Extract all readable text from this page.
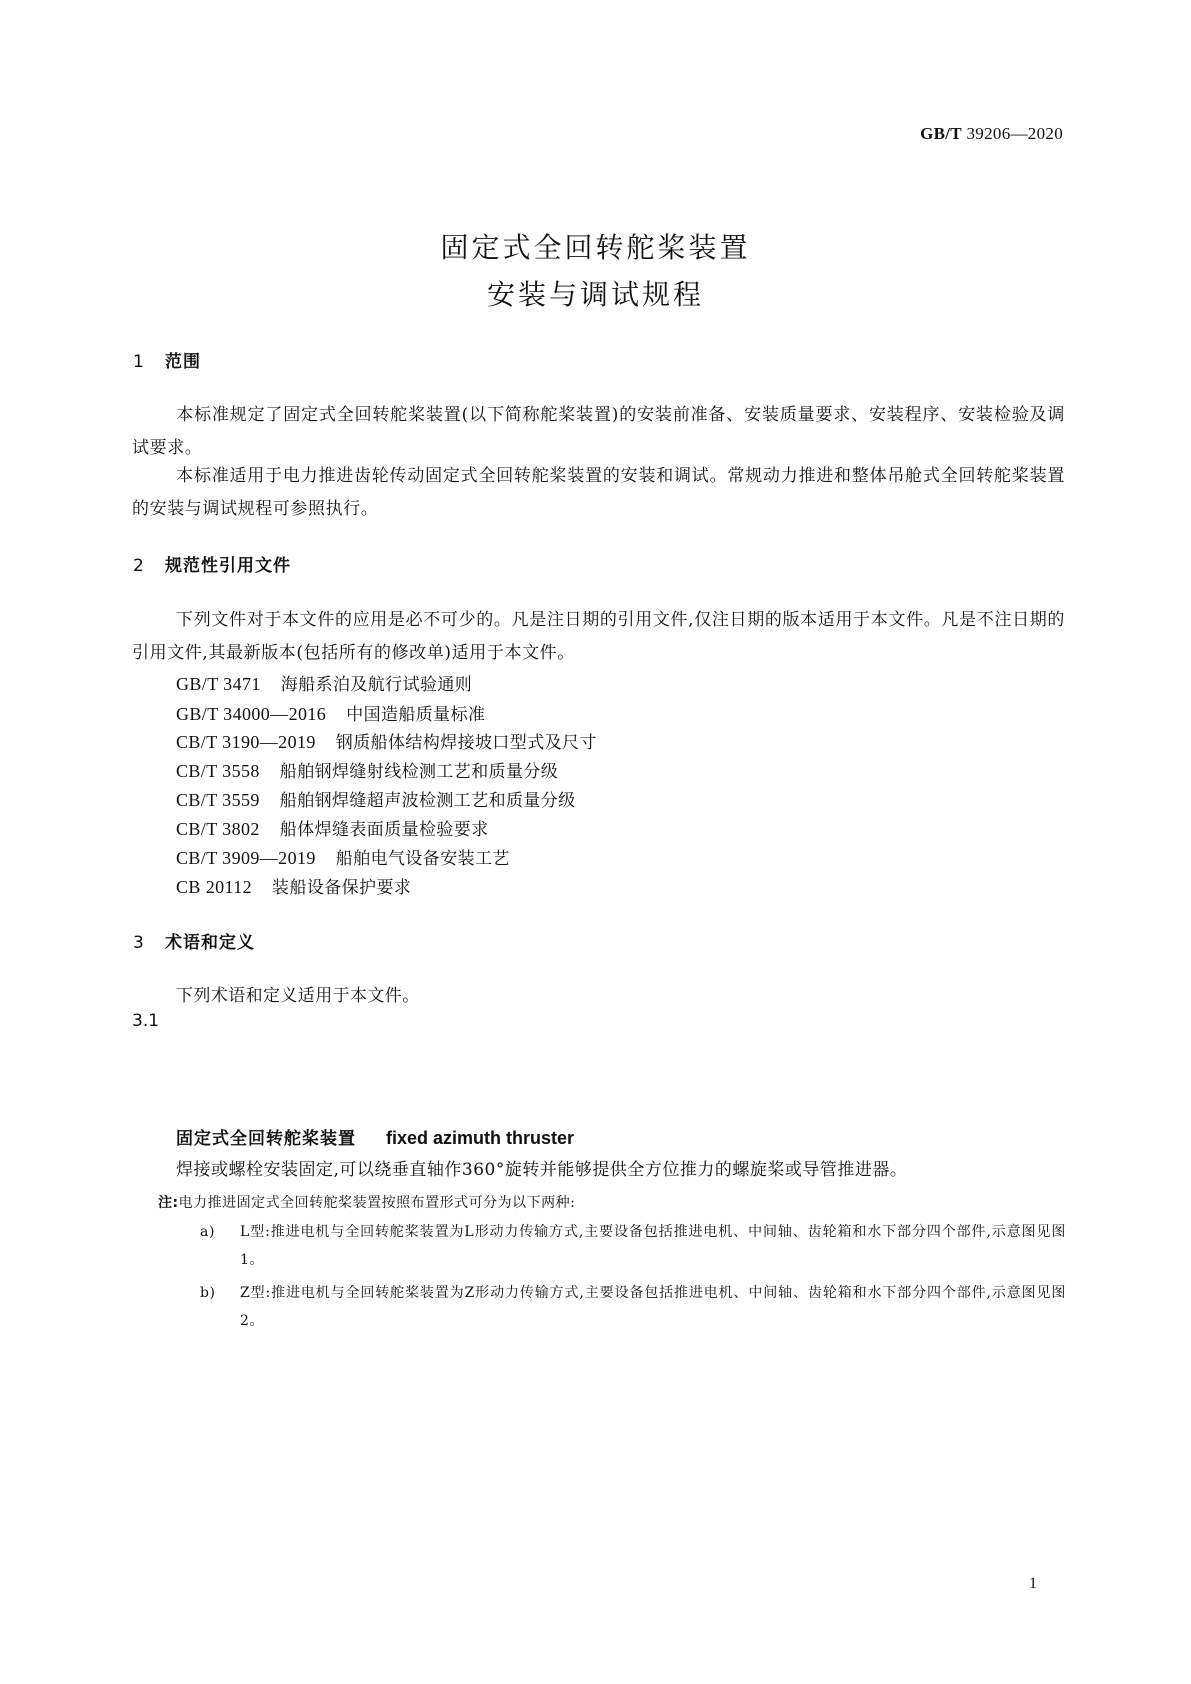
GB/T 39206—2020
固定式全回转舵桨装置
安装与调试规程
1 范围
本标准规定了固定式全回转舵桨装置(以下简称舵桨装置)的安装前准备、安装质量要求、安装程序、安装检验及调试要求。
本标准适用于电力推进齿轮传动固定式全回转舵桨装置的安装和调试。常规动力推进和整体吊舱式全回转舵桨装置的安装与调试规程可参照执行。
2 规范性引用文件
下列文件对于本文件的应用是必不可少的。凡是注日期的引用文件,仅注日期的版本适用于本文件。凡是不注日期的引用文件,其最新版本(包括所有的修改单)适用于本文件。
GB/T 3471 海船系泊及航行试验通则
GB/T 34000—2016 中国造船质量标准
CB/T 3190—2019 钢质船体结构焊接坡口型式及尺寸
CB/T 3558 船舶钢焊缝射线检测工艺和质量分级
CB/T 3559 船舶钢焊缝超声波检测工艺和质量分级
CB/T 3802 船体焊缝表面质量检验要求
CB/T 3909—2019 船舶电气设备安装工艺
CB 20112 装船设备保护要求
3 术语和定义
下列术语和定义适用于本文件。
3.1
固定式全回转舵桨装置 fixed azimuth thruster
焊接或螺栓安装固定,可以绕垂直轴作360°旋转并能够提供全方位推力的螺旋桨或导管推进器。
注:电力推进固定式全回转舵桨装置按照布置形式可分为以下两种:
a) L型:推进电机与全回转舵桨装置为L形动力传输方式,主要设备包括推进电机、中间轴、齿轮箱和水下部分四个部件,示意图见图1。
b) Z型:推进电机与全回转舵桨装置为Z形动力传输方式,主要设备包括推进电机、中间轴、齿轮箱和水下部分四个部件,示意图见图2。
1
